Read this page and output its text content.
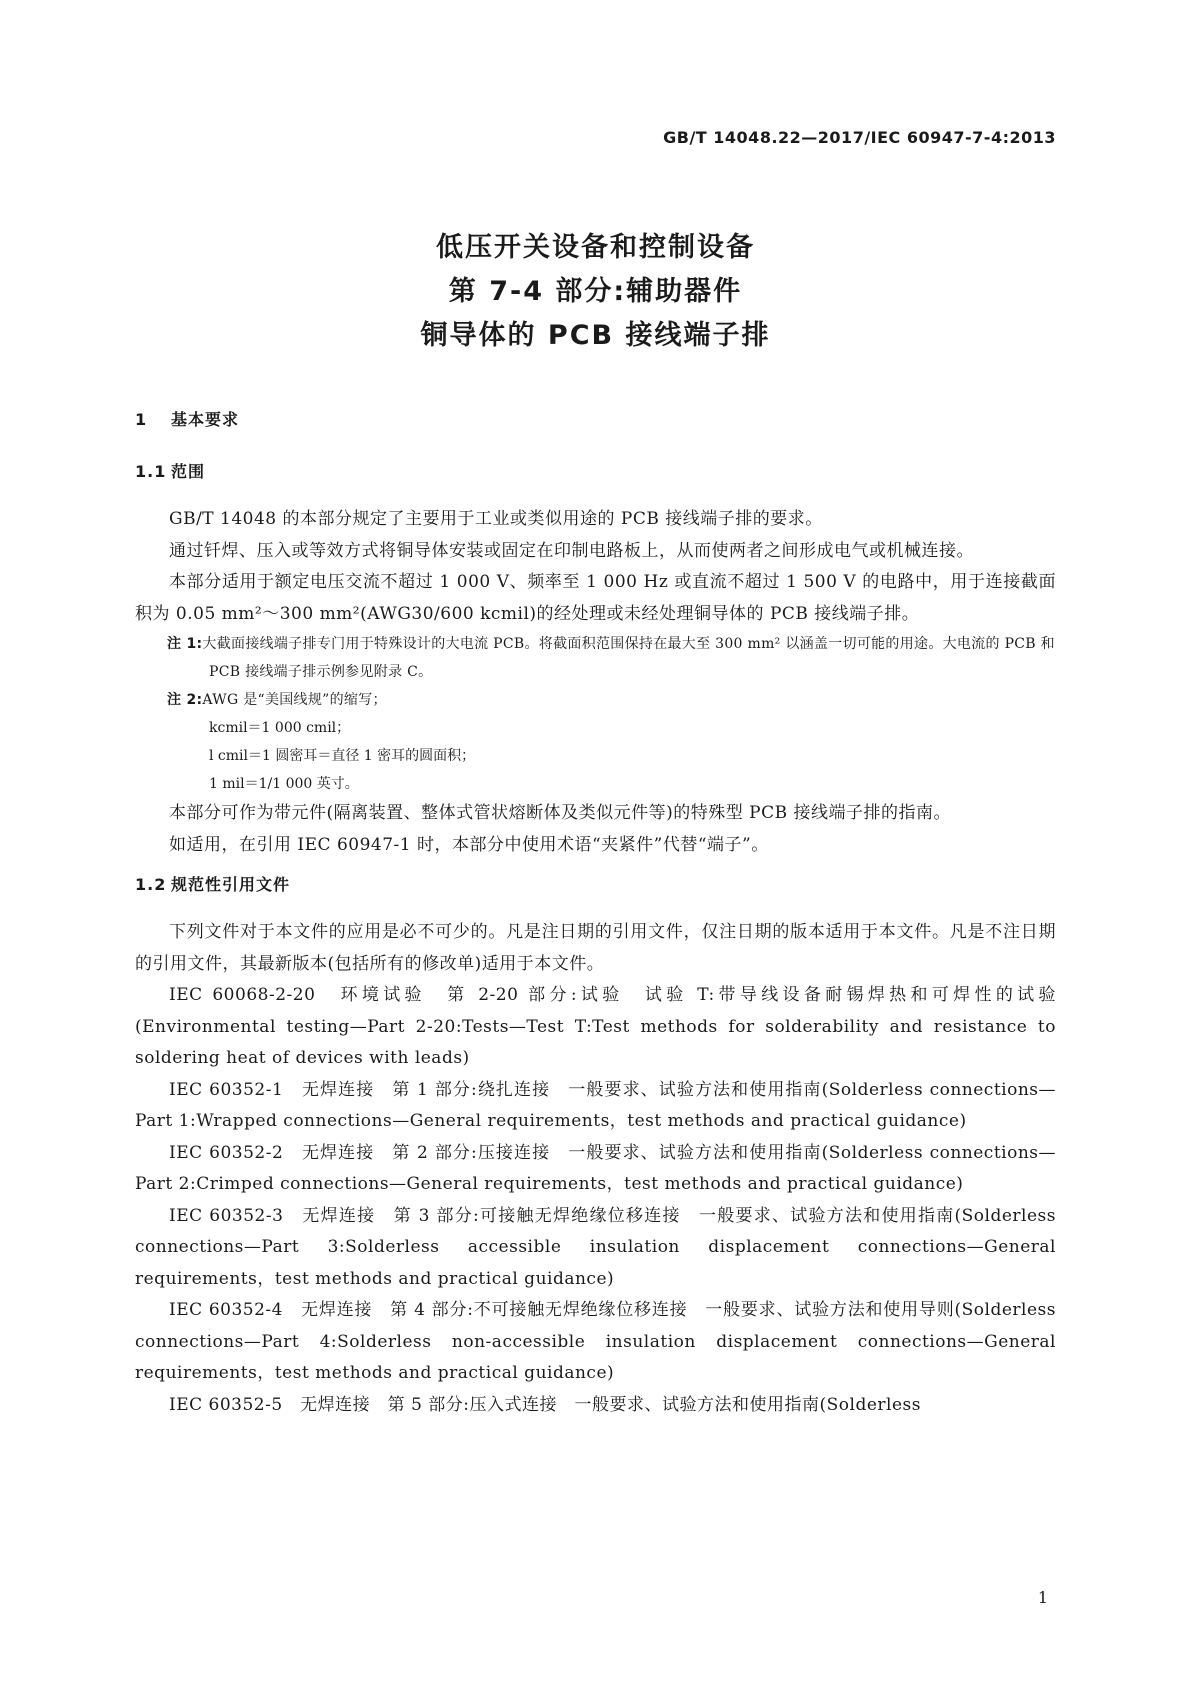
GB/T 14048.22—2017/IEC 60947-7-4:2013
低压开关设备和控制设备
第 7-4 部分:辅助器件
铜导体的 PCB 接线端子排
1 基本要求
1.1 范围

GB/T 14048 的本部分规定了主要用于工业或类似用途的 PCB 接线端子排的要求。

通过钎焊、压入或等效方式将铜导体安装或固定在印制电路板上，从而使两者之间形成电气或机械连接。

本部分适用于额定电压交流不超过 1 000 V、频率至 1 000 Hz 或直流不超过 1 500 V 的电路中，用于连接截面积为 0.05 mm²～300 mm²(AWG30/600 kcmil)的经处理或未经处理铜导体的 PCB 接线端子排。

注 1:大截面接线端子排专门用于特殊设计的大电流 PCB。将截面积范围保持在最大至 300 mm² 以涵盖一切可能的用途。大电流的 PCB 和 PCB 接线端子排示例参见附录 C。
注 2:AWG 是“美国线规”的缩写；
kcmil＝1 000 cmil；
l cmil＝1 圆密耳＝直径 1 密耳的圆面积；
1 mil＝1/1 000 英寸。

本部分可作为带元件(隔离装置、整体式管状熔断体及类似元件等)的特殊型 PCB 接线端子排的指南。

如适用，在引用 IEC 60947-1 时，本部分中使用术语“夹紧件”代替“端子”。

1.2 规范性引用文件

下列文件对于本文件的应用是必不可少的。凡是注日期的引用文件，仅注日期的版本适用于本文件。凡是不注日期的引用文件，其最新版本(包括所有的修改单)适用于本文件。

IEC 60068-2-20　环境试验　第 2-20 部分:试验　试验 T:带导线设备耐锡焊热和可焊性的试验(Environmental testing—Part 2-20:Tests—Test T:Test methods for solderability and resistance to soldering heat of devices with leads)

IEC 60352-1　无焊连接　第 1 部分:绕扎连接　一般要求、试验方法和使用指南(Solderless connections—Part 1:Wrapped connections—General requirements，test methods and practical guidance)

IEC 60352-2　无焊连接　第 2 部分:压接连接　一般要求、试验方法和使用指南(Solderless connections—Part 2:Crimped connections—General requirements，test methods and practical guidance)

IEC 60352-3　无焊连接　第 3 部分:可接触无焊绝缘位移连接　一般要求、试验方法和使用指南(Solderless connections—Part 3:Solderless accessible insulation displacement connections—General requirements，test methods and practical guidance)

IEC 60352-4　无焊连接　第 4 部分:不可接触无焊绝缘位移连接　一般要求、试验方法和使用导则(Solderless connections—Part 4:Solderless non-accessible insulation displacement connections—General requirements，test methods and practical guidance)

IEC 60352-5　无焊连接　第 5 部分:压入式连接　一般要求、试验方法和使用指南(Solderless

1
